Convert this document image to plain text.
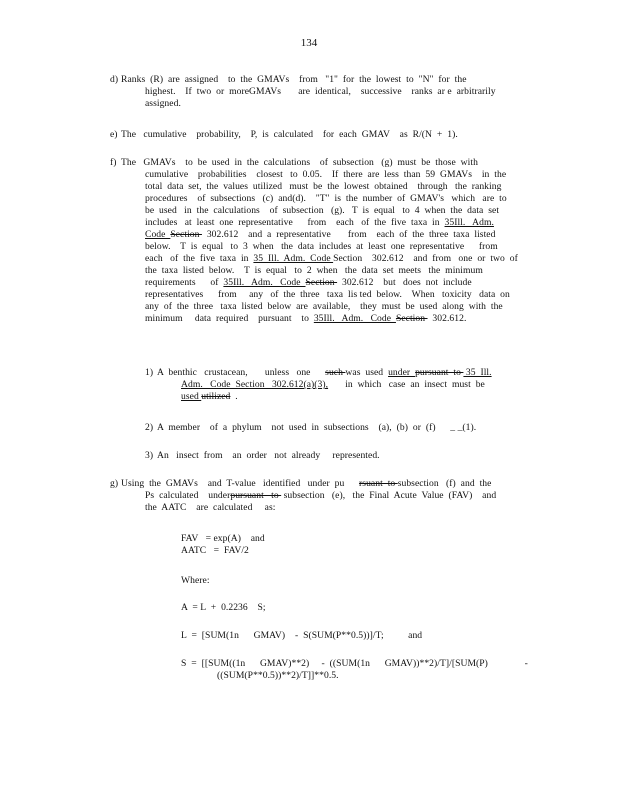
134
d) Ranks  (R)  are  assigned    to  the  GMAVs    from   "1"  for  the  lowest  to  "N"  for  the
highest.    If  two  or  moreGMAVs       are  identical,    successive    ranks  ar e  arbitrarily
assigned.
e) The   cumulative    probability,    P,  is  calculated    for  each  GMAV    as  R/(N  +  1).
f) The   GMAVs    to  be  used  in  the  calculations    of  subsection   (g)  must  be  those  with
cumulative    probabilities    closest   to  0.05.    If  there  are  less  than  59  GMAVs    in  the
total  data  set,  the  values  utilized   must  be  the  lowest  obtained    through   the  ranking
procedures    of  subsections   (c)  and(d).    "T"  is  the  number  of  GMAV's   which   are  to
be  used   in  the  calculations    of  subsection   (g).   T  is  equal   to  4  when  the  data  set
includes   at  least  one  representative      from    each   of  the  five  taxa  in  35Ill.   Adm.
Code  Section   302.612    and  a  representative       from    each  of  the  three  taxa  listed
below.    T  is  equal   to  3  when   the  data  includes  at  least  one  representative      from
each   of  the  five  taxa  in  35  Ill.  Adm.  Code Section    302.612    and  from   one  or  two  of
the  taxa  listed  below.    T  is  equal   to  2  when   the  data  set  meets   the  minimum
requirements      of  35Ill.   Adm.   Code  Section   302.612    but   does  not  include
representatives      from     any   of  the  three   taxa  lis ted  below.    When   toxicity   data  on
any  of  the  three   taxa  listed  below  are  available,    they  must  be  used  along  with  the
minimum     data  required    pursuant    to  35Ill.   Adm.   Code  Section   302.612.
1) A  benthic   crustacean,       unless   one      such was  used  under  pursuant  to  35  Ill.
Adm.   Code  Section   302.612(a)(3),       in  which   case  an  insect  must  be
used utilized  .
2) A  member    of  a  phylum    not  used  in  subsections    (a),  (b)  or  (f)      _ _(1).
3) An   insect  from    an  order   not  already     represented.
g) Using  the  GMAVs    and  T-value   identified   under  pu      rsuant  to subsection   (f)  and  the
Ps  calculated    underpursuant   to  subsection   (e),   the  Final  Acute  Value  (FAV)    and
the  AATC    are  calculated     as:
FAV   = exp(A)    and
AATC   =  FAV/2
Where:
A  = L  +  0.2236    S;
L  =  [SUM(1n      GMAV)    -  S(SUM(P**0.5))]/T;          and
S  =  [[SUM((1n      GMAV)**2)     -  ((SUM(1n      GMAV))**2)/T]/[SUM(P)               -
((SUM(P**0.5))**2)/T]]**0.5.
